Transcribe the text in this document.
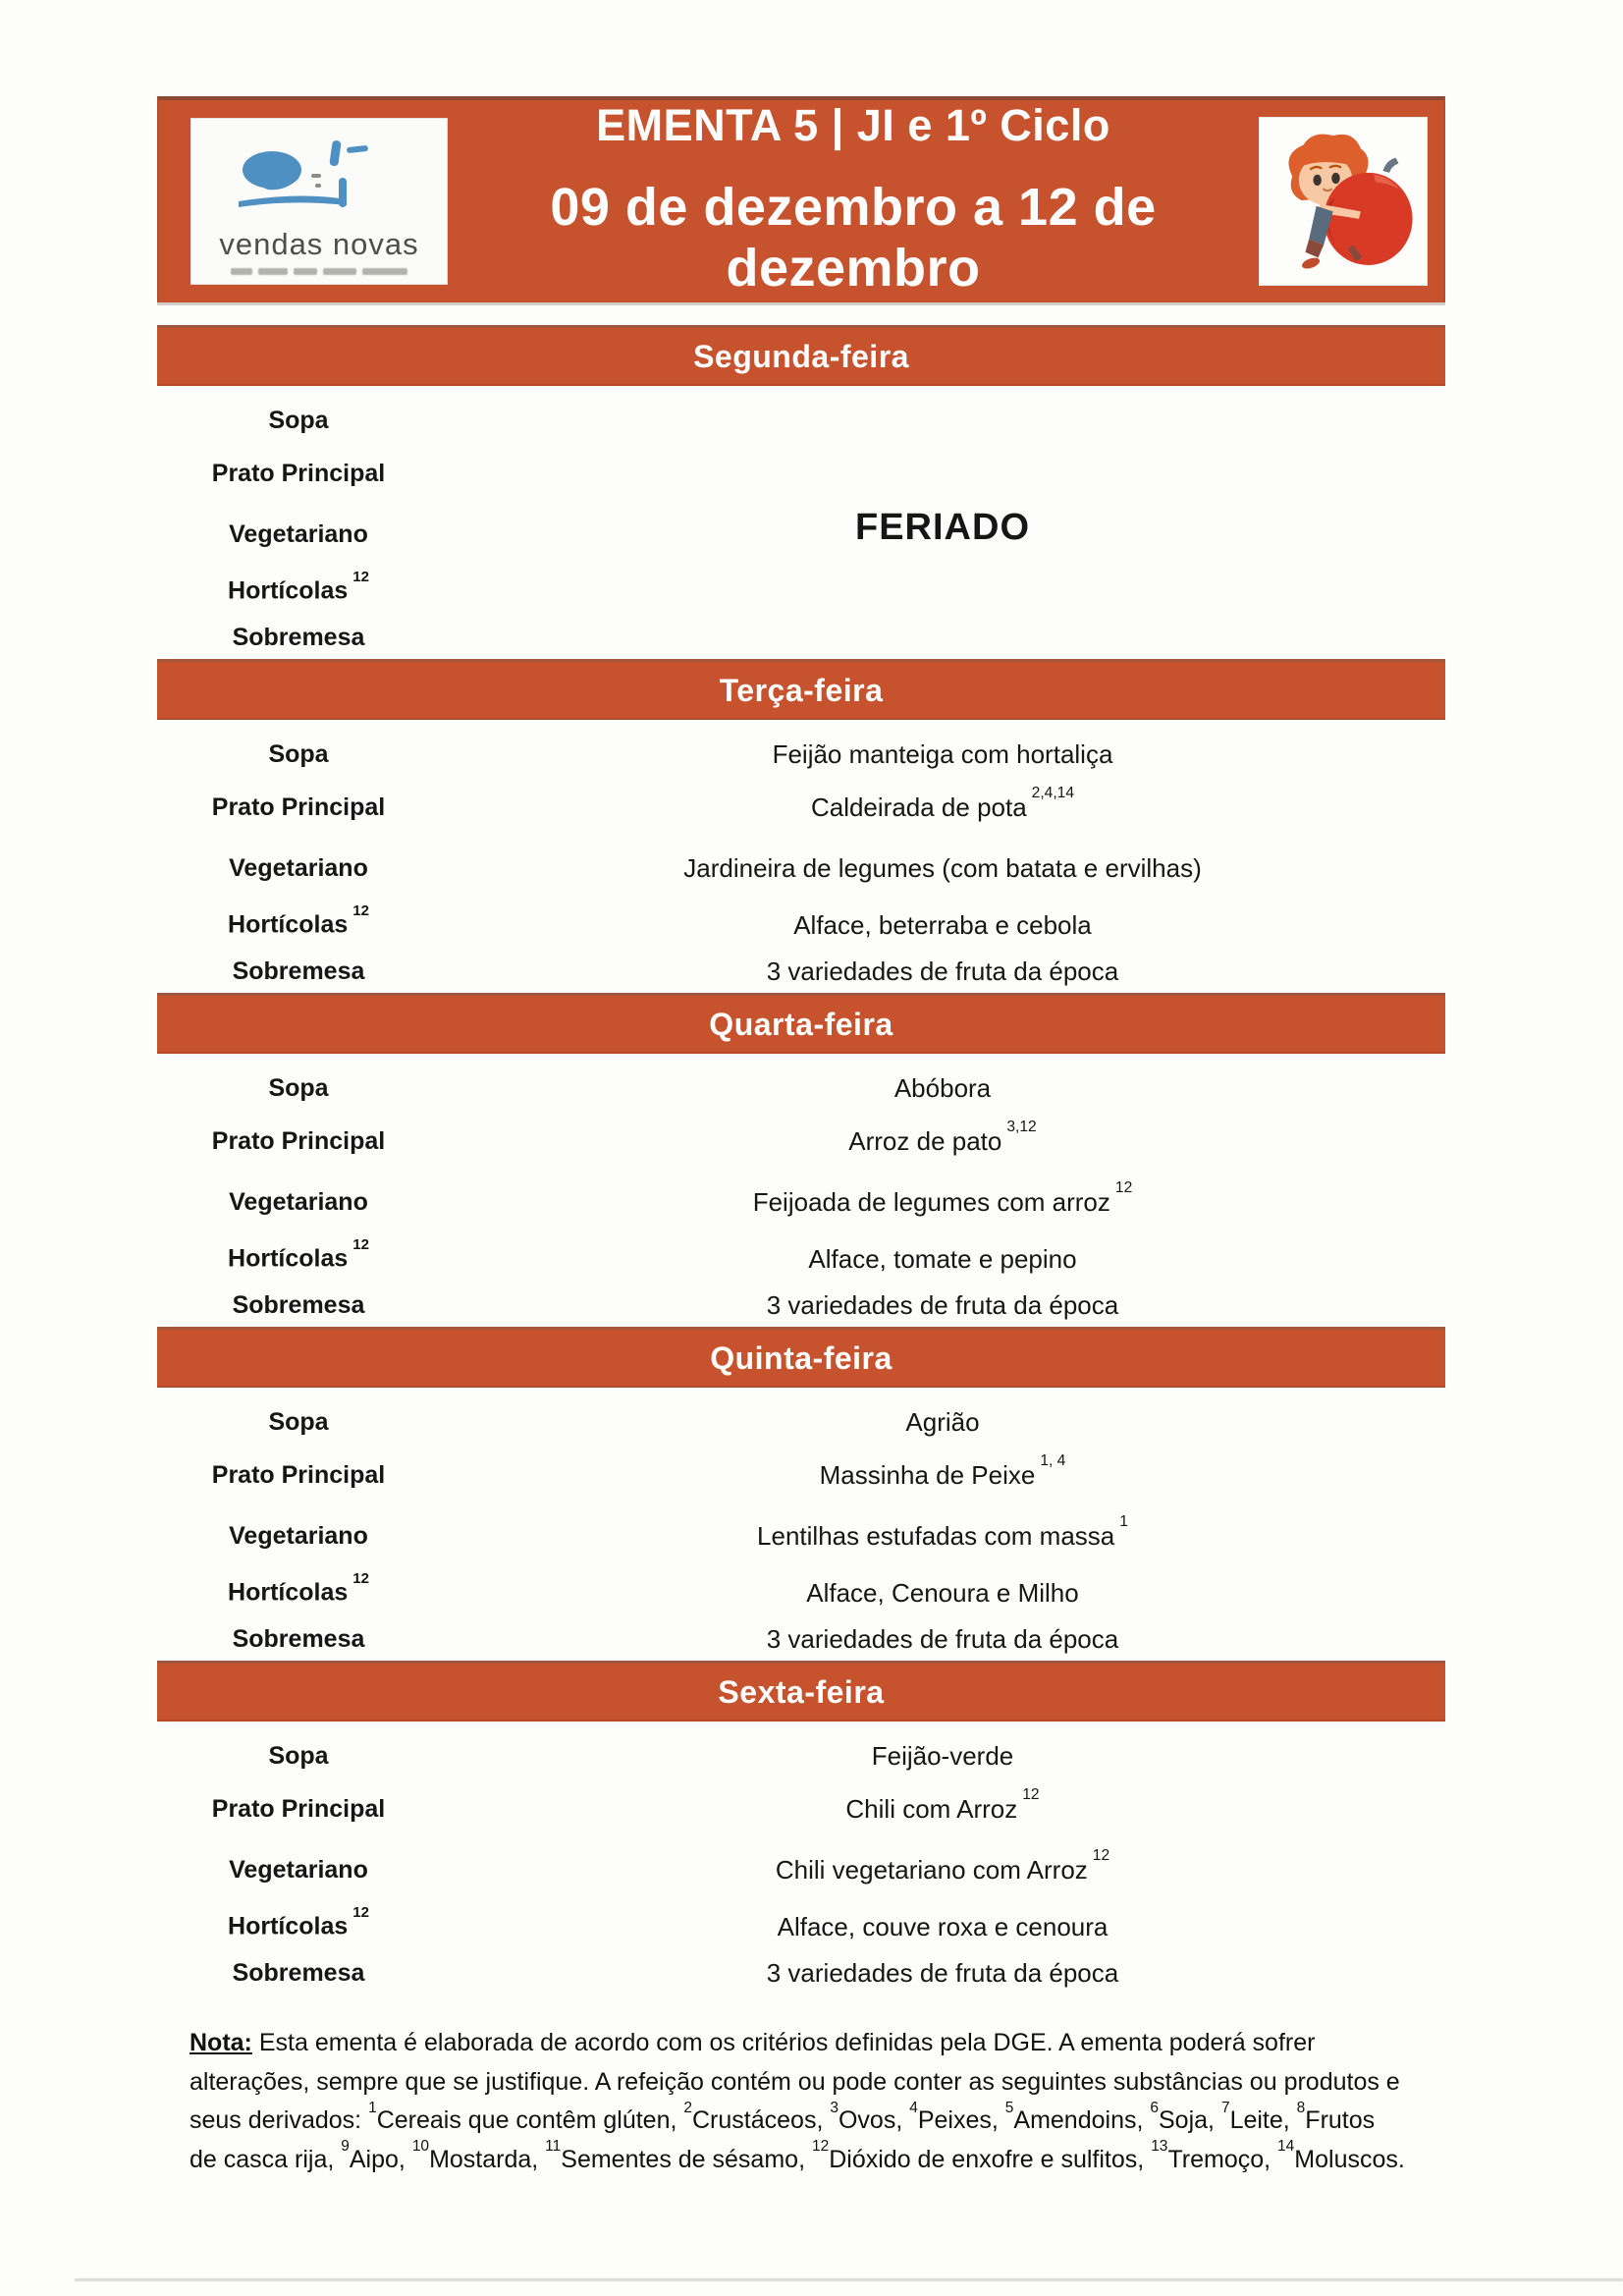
vendas novas
EMENTA 5 | JI e 1º Ciclo
09 de dezembro a 12 de dezembro
Segunda-feira
Sopa
Prato Principal
Vegetariano
Hortícolas$^{12}$
Sobremesa
FERIADO
Terça-feira
Sopa	Feijão manteiga com hortaliça
Prato Principal	Caldeirada de pota $^{2,4,14}$
Vegetariano	Jardineira de legumes (com batata e ervilhas)
Hortícolas$^{12}$	Alface, beterraba e cebola
Sobremesa	3 variedades de fruta da época
Quarta-feira
Sopa	Abóbora
Prato Principal	Arroz de pato $^{3,12}$
Vegetariano	Feijoada de legumes com arroz $^{12}$
Hortícolas$^{12}$	Alface, tomate e pepino
Sobremesa	3 variedades de fruta da época
Quinta-feira
Sopa	Agrião
Prato Principal	Massinha de Peixe $^{1, 4}$
Vegetariano	Lentilhas estufadas com massa $^1$
Hortícolas$^{12}$	Alface, Cenoura e Milho
Sobremesa	3 variedades de fruta da época
Sexta-feira
Sopa	Feijão-verde
Prato Principal	Chili com Arroz $^{12}$
Vegetariano	Chili vegetariano com Arroz $^{12}$
Hortícolas$^{12}$	Alface, couve roxa e cenoura
Sobremesa	3 variedades de fruta da época

Nota: Esta ementa é elaborada de acordo com os critérios definidas pela DGE. A ementa poderá sofrer alterações, sempre que se justifique. A refeição contém ou pode conter as seguintes substâncias ou produtos e seus derivados: $^1$Cereais que contêm glúten, $^2$Crustáceos, $^3$Ovos, $^4$Peixes, $^5$Amendoins, $^6$Soja, $^7$Leite, $^8$Frutos de casca rija, $^9$Aipo, $^{10}$Mostarda, $^{11}$Sementes de sésamo, $^{12}$Dióxido de enxofre e sulfitos, $^{13}$Tremoço, $^{14}$Moluscos.
